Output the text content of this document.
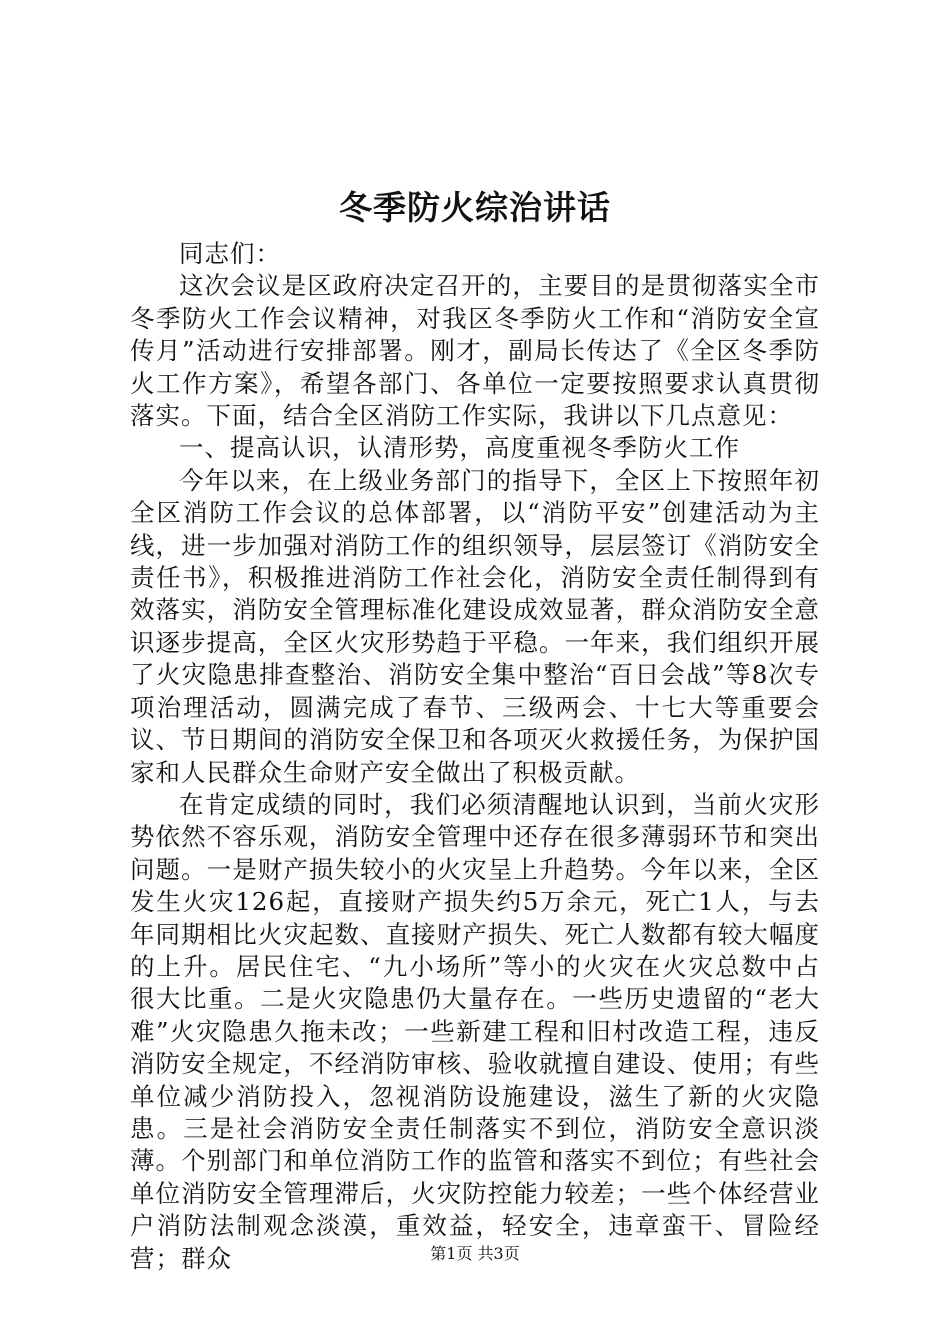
冬季防火综治讲话

同志们：

这次会议是区政府决定召开的，主要目的是贯彻落实全市冬季防火工作会议精神，对我区冬季防火工作和“消防安全宣传月”活动进行安排部署。刚才，副局长传达了《全区冬季防火工作方案》，希望各部门、各单位一定要按照要求认真贯彻落实。下面，结合全区消防工作实际，我讲以下几点意见：

一、提高认识，认清形势，高度重视冬季防火工作

今年以来，在上级业务部门的指导下，全区上下按照年初全区消防工作会议的总体部署，以“消防平安”创建活动为主线，进一步加强对消防工作的组织领导，层层签订《消防安全责任书》，积极推进消防工作社会化，消防安全责任制得到有效落实，消防安全管理标准化建设成效显著，群众消防安全意识逐步提高，全区火灾形势趋于平稳。一年来，我们组织开展了火灾隐患排查整治、消防安全集中整治“百日会战”等8次专项治理活动，圆满完成了春节、三级两会、十七大等重要会议、节日期间的消防安全保卫和各项灭火救援任务，为保护国家和人民群众生命财产安全做出了积极贡献。

在肯定成绩的同时，我们必须清醒地认识到，当前火灾形势依然不容乐观，消防安全管理中还存在很多薄弱环节和突出问题。一是财产损失较小的火灾呈上升趋势。今年以来，全区发生火灾126起，直接财产损失约5万余元，死亡1人，与去年同期相比火灾起数、直接财产损失、死亡人数都有较大幅度的上升。居民住宅、“九小场所”等小的火灾在火灾总数中占很大比重。二是火灾隐患仍大量存在。一些历史遗留的“老大难”火灾隐患久拖未改；一些新建工程和旧村改造工程，违反消防安全规定，不经消防审核、验收就擅自建设、使用；有些单位减少消防投入，忽视消防设施建设，滋生了新的火灾隐患。三是社会消防安全责任制落实不到位，消防安全意识淡薄。个别部门和单位消防工作的监管和落实不到位；有些社会单位消防安全管理滞后，火灾防控能力较差；一些个体经营业户消防法制观念淡漠，重效益，轻安全，违章蛮干、冒险经营；群众	第1页 共3页
